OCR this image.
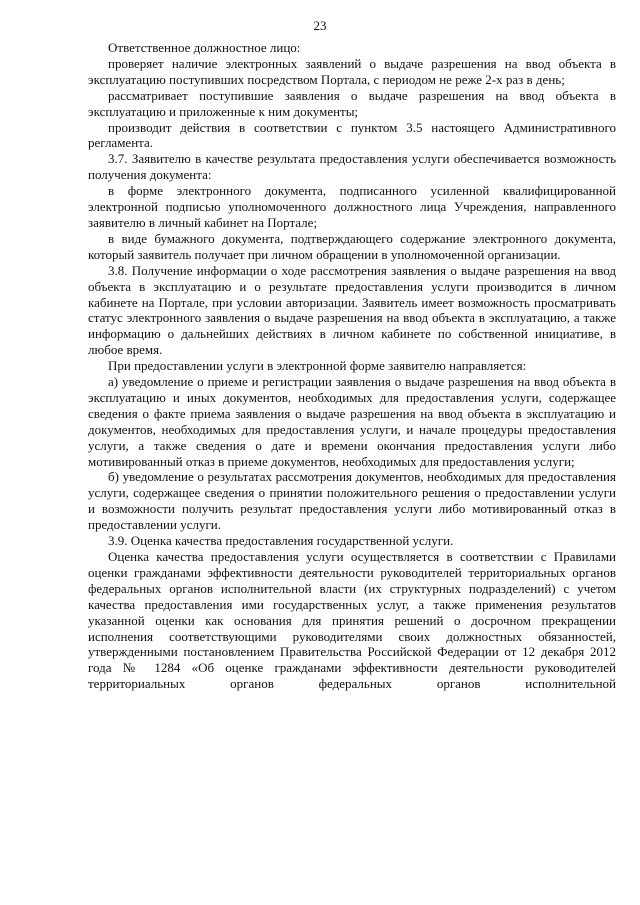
23

Ответственное должностное лицо:

проверяет наличие электронных заявлений о выдаче разрешения на ввод объекта в эксплуатацию поступивших посредством Портала, с периодом не реже 2-х раз в день;

рассматривает поступившие заявления о выдаче разрешения на ввод объекта в эксплуатацию и приложенные к ним документы;

производит действия в соответствии с пунктом 3.5 настоящего Административного регламента.

3.7. Заявителю в качестве результата предоставления услуги обеспечивается возможность получения документа:

в форме электронного документа, подписанного усиленной квалифицированной электронной подписью уполномоченного должностного лица Учреждения, направленного заявителю в личный кабинет на Портале;

в виде бумажного документа, подтверждающего содержание электронного документа, который заявитель получает при личном обращении в уполномоченной организации.

3.8. Получение информации о ходе рассмотрения заявления о выдаче разрешения на ввод объекта в эксплуатацию и о результате предоставления услуги производится в личном кабинете на Портале, при условии авторизации. Заявитель имеет возможность просматривать статус электронного заявления о выдаче разрешения на ввод объекта в эксплуатацию, а также информацию о дальнейших действиях в личном кабинете по собственной инициативе, в любое время.

При предоставлении услуги в электронной форме заявителю направляется:

а) уведомление о приеме и регистрации заявления о выдаче разрешения на ввод объекта в эксплуатацию и иных документов, необходимых для предоставления услуги, содержащее сведения о факте приема заявления о выдаче разрешения на ввод объекта в эксплуатацию и документов, необходимых для предоставления услуги, и начале процедуры предоставления услуги, а также сведения о дате и времени окончания предоставления услуги либо мотивированный отказ в приеме документов, необходимых для предоставления услуги;

б) уведомление о результатах рассмотрения документов, необходимых для предоставления услуги, содержащее сведения о принятии положительного решения о предоставлении услуги и возможности получить результат предоставления услуги либо мотивированный отказ в предоставлении услуги.

3.9. Оценка качества предоставления государственной услуги.

Оценка качества предоставления услуги осуществляется в соответствии с Правилами оценки гражданами эффективности деятельности руководителей территориальных органов федеральных органов исполнительной власти (их структурных подразделений) с учетом качества предоставления ими государственных услуг, а также применения результатов указанной оценки как основания для принятия решений о досрочном прекращении исполнения соответствующими руководителями своих должностных обязанностей, утвержденными постановлением Правительства Российской Федерации от 12 декабря 2012 года № 1284 «Об оценке гражданами эффективности деятельности руководителей территориальных органов федеральных органов исполнительной
